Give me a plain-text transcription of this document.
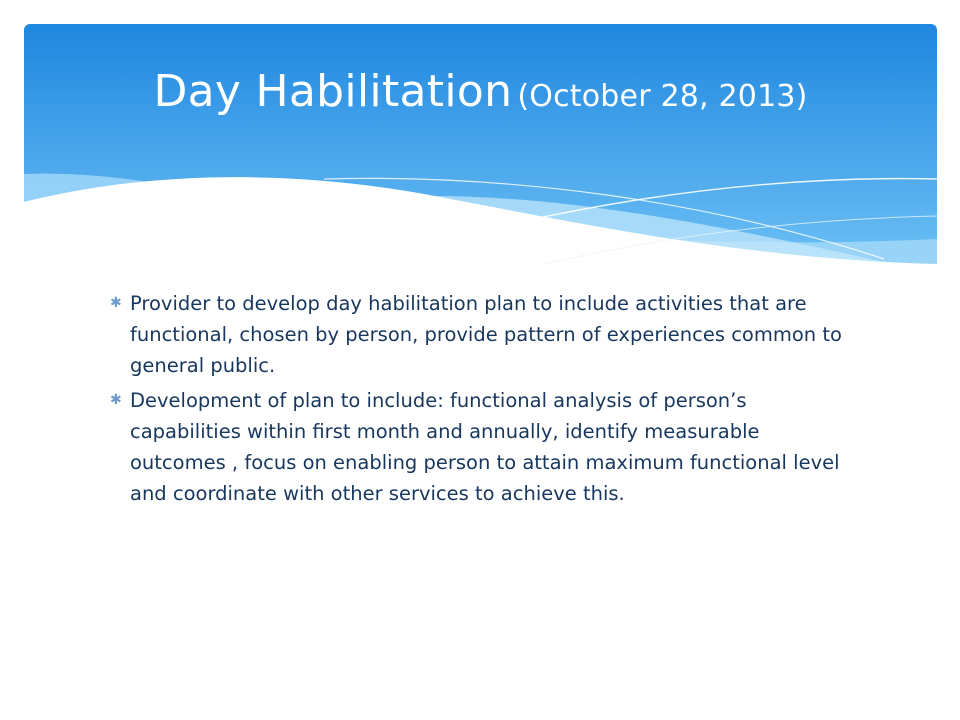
Day Habilitation (October 28, 2013)
✱ Provider to develop day habilitation plan to include activities that are functional, chosen by person, provide pattern of experiences common to general public.
✱ Development of plan to include: functional analysis of person’s capabilities within first month and annually, identify measurable outcomes , focus on enabling person to attain maximum functional level and coordinate with other services to achieve this.
